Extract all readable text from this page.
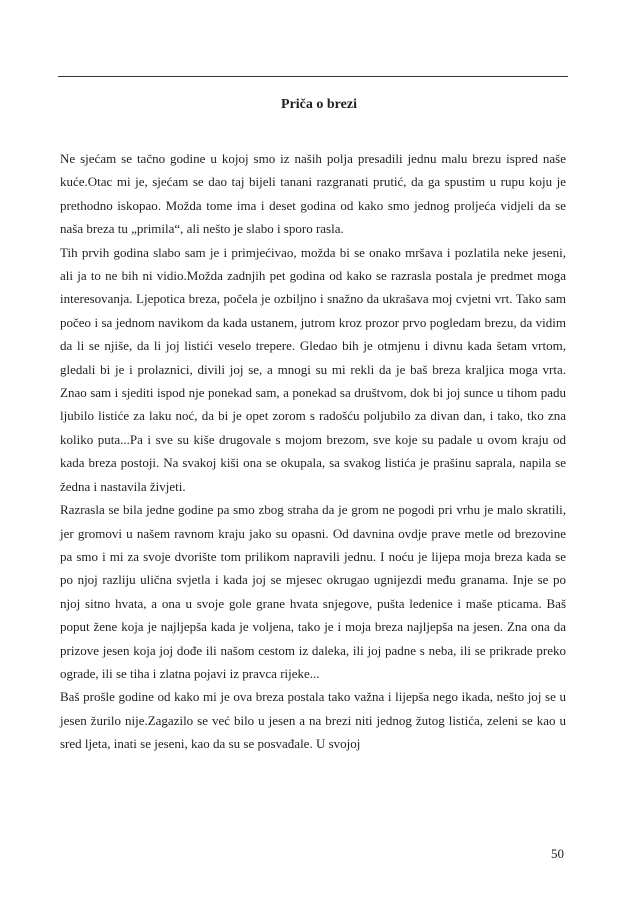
Priča o brezi

Ne sjećam se tačno godine u kojoj smo iz naših polja presadili jednu malu brezu ispred naše kuće.Otac mi je, sjećam se dao taj bijeli tanani razgranati prutić, da ga spustim u rupu koju je prethodno iskopao. Možda tome ima i deset godina od kako smo jednog proljeća vidjeli da se naša breza tu „primila“, ali nešto je slabo i sporo rasla.

Tih prvih godina slabo sam je i primjećivao, možda bi se onako mršava i pozlatila neke jeseni, ali ja to ne bih ni vidio.Možda zadnjih pet godina od kako se razrasla postala je predmet moga interesovanja. Ljepotica breza, počela je ozbiljno i snažno da ukrašava moj cvjetni vrt. Tako sam počeo i sa jednom navikom da kada ustanem, jutrom kroz prozor prvo pogledam brezu, da vidim da li se njiše, da li joj listići veselo trepere. Gledao bih je otmjenu i divnu kada šetam vrtom, gledali bi je i prolaznici, divili joj se, a mnogi su mi rekli da je baš breza kraljica moga vrta. Znao sam i sjediti ispod nje ponekad sam, a ponekad sa društvom, dok bi joj sunce u tihom padu ljubilo listiće za laku noć, da bi je opet zorom s radošću poljubilo za divan dan, i tako, tko zna koliko puta...Pa i sve su kiše drugovale s mojom brezom, sve koje su padale u ovom kraju od kada breza postoji. Na svakoj kiši ona se okupala, sa svakog listića je prašinu saprala, napila se žedna i nastavila živjeti.

Razrasla se bila jedne godine pa smo zbog straha da je grom ne pogodi pri vrhu je malo skratili, jer gromovi u našem ravnom kraju jako su opasni. Od davnina ovdje prave metle od brezovine pa smo i mi za svoje dvorište tom prilikom napravili jednu. I noću je lijepa moja breza kada se po njoj razliju ulična svjetla i kada joj se mjesec okrugao ugnijezdi među granama. Inje se po njoj sitno hvata, a ona u svoje gole grane hvata snjegove, pušta ledenice i maše pticama. Baš poput žene koja je najljepša kada je voljena, tako je i moja breza najljepša na jesen. Zna ona da prizove jesen koja joj dođe ili našom cestom iz daleka, ili joj padne s neba, ili se prikrade preko ograde, ili se tiha i zlatna pojavi iz pravca rijeke...

Baš prošle godine od kako mi je ova breza postala tako važna i lijepša nego ikada, nešto joj se u jesen žurilo nije.Zagazilo se već bilo u jesen a na brezi niti jednog žutog listića, zeleni se kao u sred ljeta, inati se jeseni, kao da su se posvađale. U svojoj

50
